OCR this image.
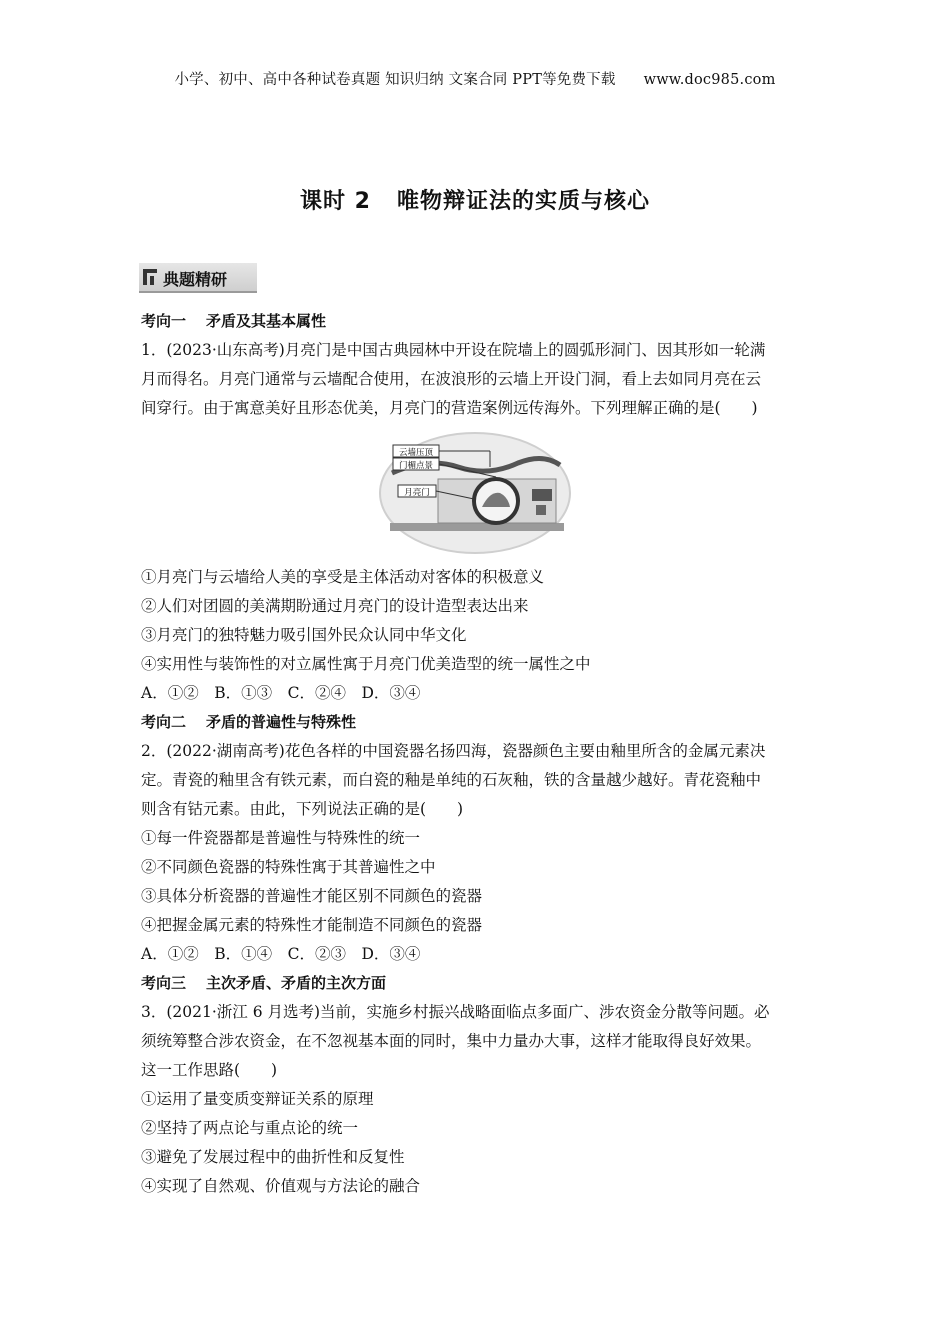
小学、初中、高中各种试卷真题 知识归纳 文案合同 PPT等免费下载 www.doc985.com
课时 2 唯物辩证法的实质与核心
典题精研

考向一 矛盾及其基本属性

1．(2023·山东高考)月亮门是中国古典园林中开设在院墙上的圆弧形洞门、因其形如一轮满

月而得名。月亮门通常与云墙配合使用，在波浪形的云墙上开设门洞，看上去如同月亮在云

间穿行。由于寓意美好且形态优美，月亮门的营造案例远传海外。下列理解正确的是(　　)

云墙压顶
门楣点景
月亮门

①月亮门与云墙给人美的享受是主体活动对客体的积极意义

②人们对团圆的美满期盼通过月亮门的设计造型表达出来

③月亮门的独特魅力吸引国外民众认同中华文化

④实用性与装饰性的对立属性寓于月亮门优美造型的统一属性之中

A．①②　B．①③　C．②④　D．③④

考向二 矛盾的普遍性与特殊性

2．(2022·湖南高考)花色各样的中国瓷器名扬四海，瓷器颜色主要由釉里所含的金属元素决

定。青瓷的釉里含有铁元素，而白瓷的釉是单纯的石灰釉，铁的含量越少越好。青花瓷釉中

则含有钴元素。由此，下列说法正确的是(　　)

①每一件瓷器都是普遍性与特殊性的统一

②不同颜色瓷器的特殊性寓于其普遍性之中

③具体分析瓷器的普遍性才能区别不同颜色的瓷器

④把握金属元素的特殊性才能制造不同颜色的瓷器

A．①②　B．①④　C．②③　D．③④

考向三 主次矛盾、矛盾的主次方面

3．(2021·浙江 6 月选考)当前，实施乡村振兴战略面临点多面广、涉农资金分散等问题。必

须统筹整合涉农资金，在不忽视基本面的同时，集中力量办大事，这样才能取得良好效果。

这一工作思路(　　)

①运用了量变质变辩证关系的原理

②坚持了两点论与重点论的统一

③避免了发展过程中的曲折性和反复性

④实现了自然观、价值观与方法论的融合
